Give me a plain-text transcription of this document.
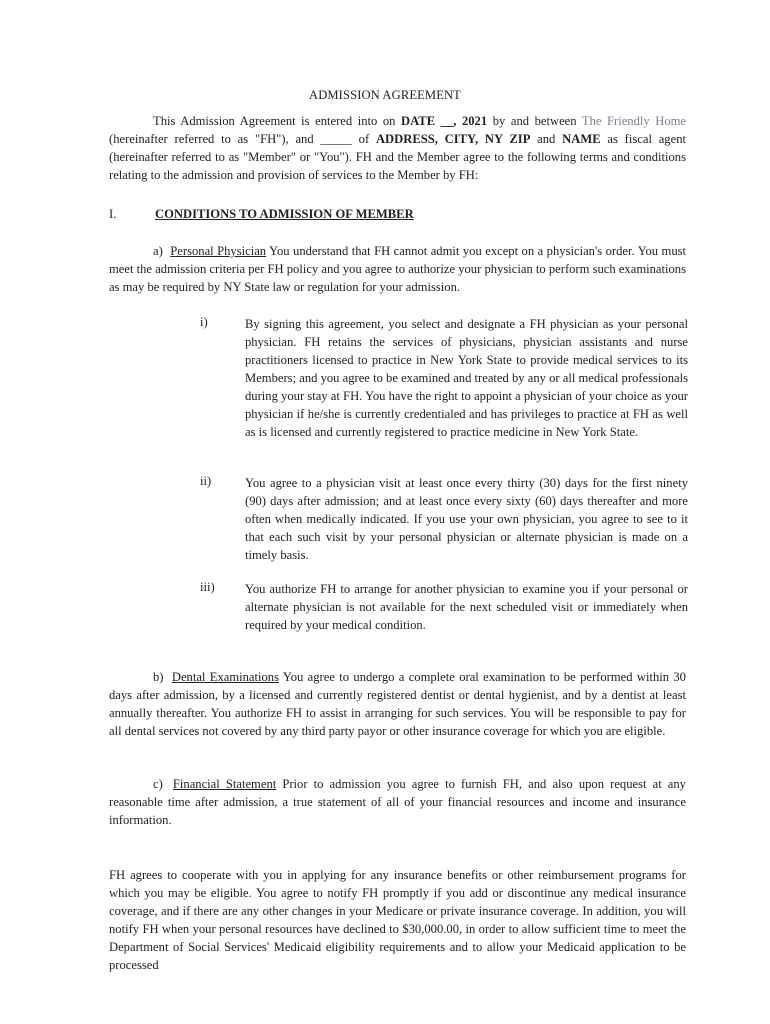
ADMISSION AGREEMENT
This Admission Agreement is entered into on DATE __, 2021 by and between The Friendly Home (hereinafter referred to as "FH"), and _____ of ADDRESS, CITY, NY ZIP and NAME as fiscal agent (hereinafter referred to as "Member" or "You"). FH and the Member agree to the following terms and conditions relating to the admission and provision of services to the Member by FH:
I.	CONDITIONS TO ADMISSION OF MEMBER
a) Personal Physician You understand that FH cannot admit you except on a physician's order. You must meet the admission criteria per FH policy and you agree to authorize your physician to perform such examinations as may be required by NY State law or regulation for your admission.
i)	By signing this agreement, you select and designate a FH physician as your personal physician. FH retains the services of physicians, physician assistants and nurse practitioners licensed to practice in New York State to provide medical services to its Members; and you agree to be examined and treated by any or all medical professionals during your stay at FH. You have the right to appoint a physician of your choice as your physician if he/she is currently credentialed and has privileges to practice at FH as well as is licensed and currently registered to practice medicine in New York State.
ii)	You agree to a physician visit at least once every thirty (30) days for the first ninety (90) days after admission; and at least once every sixty (60) days thereafter and more often when medically indicated. If you use your own physician, you agree to see to it that each such visit by your personal physician or alternate physician is made on a timely basis.
iii) You authorize FH to arrange for another physician to examine you if your personal or alternate physician is not available for the next scheduled visit or immediately when required by your medical condition.
b) Dental Examinations You agree to undergo a complete oral examination to be performed within 30 days after admission, by a licensed and currently registered dentist or dental hygienist, and by a dentist at least annually thereafter. You authorize FH to assist in arranging for such services. You will be responsible to pay for all dental services not covered by any third party payor or other insurance coverage for which you are eligible.
c) Financial Statement Prior to admission you agree to furnish FH, and also upon request at any reasonable time after admission, a true statement of all of your financial resources and income and insurance information.
FH agrees to cooperate with you in applying for any insurance benefits or other reimbursement programs for which you may be eligible. You agree to notify FH promptly if you add or discontinue any medical insurance coverage, and if there are any other changes in your Medicare or private insurance coverage. In addition, you will notify FH when your personal resources have declined to $30,000.00, in order to allow sufficient time to meet the Department of Social Services' Medicaid eligibility requirements and to allow your Medicaid application to be processed
